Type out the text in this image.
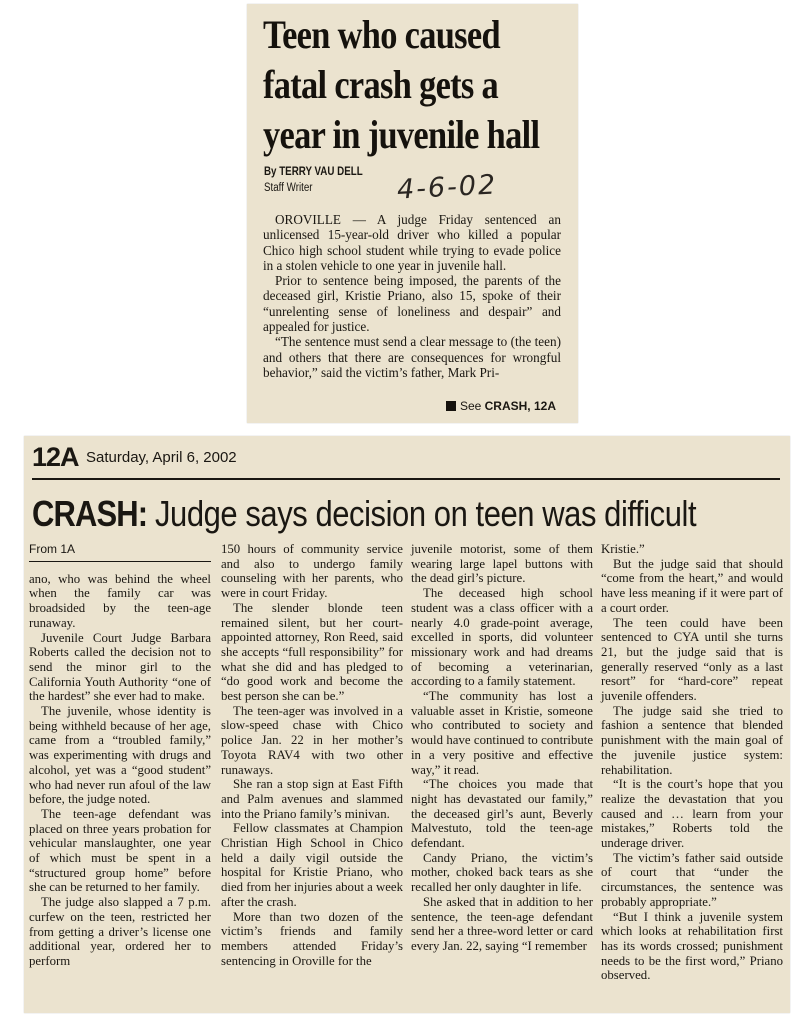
Teen who caused
fatal crash gets a
year in juvenile hall
By TERRY VAU DELL
Staff Writer	4-6-02

OROVILLE — A judge Friday sentenced an unlicensed 15-year-old driver who killed a popular Chico high school student while trying to evade police in a stolen vehicle to one year in juvenile hall.

Prior to sentence being imposed, the parents of the deceased girl, Kristie Priano, also 15, spoke of their “unrelenting sense of loneliness and despair” and appealed for justice.

“The sentence must send a clear message to (the teen) and others that there are consequences for wrongful behavior,” said the victim’s father, Mark Pri-

See CRASH, 12A
12A Saturday, April 6, 2002
CRASH: Judge says decision on teen was difficult
From 1A

ano, who was behind the wheel when the family car was broadsided by the teen-age runaway.

Juvenile Court Judge Barbara Roberts called the decision not to send the minor girl to the California Youth Authority “one of the hardest” she ever had to make.

The juvenile, whose identity is being withheld because of her age, came from a “troubled family,” was experimenting with drugs and alcohol, yet was a “good student” who had never run afoul of the law before, the judge noted.

The teen-age defendant was placed on three years probation for vehicular manslaughter, one year of which must be spent in a “structured group home” before she can be returned to her family.

The judge also slapped a 7 p.m. curfew on the teen, restricted her from getting a driver’s license one additional year, ordered her to perform

150 hours of community service and also to undergo family counseling with her parents, who were in court Friday.

The slender blonde teen remained silent, but her court-appointed attorney, Ron Reed, said she accepts “full responsibility” for what she did and has pledged to “do good work and become the best person she can be.”

The teen-ager was involved in a slow-speed chase with Chico police Jan. 22 in her mother’s Toyota RAV4 with two other runaways.

She ran a stop sign at East Fifth and Palm avenues and slammed into the Priano family’s minivan.

Fellow classmates at Champion Christian High School in Chico held a daily vigil outside the hospital for Kristie Priano, who died from her injuries about a week after the crash.

More than two dozen of the victim’s friends and family members attended Friday’s sentencing in Oroville for the

juvenile motorist, some of them wearing large lapel buttons with the dead girl’s picture.

The deceased high school student was a class officer with a nearly 4.0 grade-point average, excelled in sports, did volunteer missionary work and had dreams of becoming a veterinarian, according to a family statement.

“The community has lost a valuable asset in Kristie, someone who contributed to society and would have continued to contribute in a very positive and effective way,” it read.

“The choices you made that night has devastated our family,” the deceased girl’s aunt, Beverly Malvestuto, told the teen-age defendant.

Candy Priano, the victim’s mother, choked back tears as she recalled her only daughter in life.

She asked that in addition to her sentence, the teen-age defendant send her a three-word letter or card every Jan. 22, saying “I remember

Kristie.”

But the judge said that should “come from the heart,” and would have less meaning if it were part of a court order.

The teen could have been sentenced to CYA until she turns 21, but the judge said that is generally reserved “only as a last resort” for “hard-core” repeat juvenile offenders.

The judge said she tried to fashion a sentence that blended punishment with the main goal of the juvenile justice system: rehabilitation.

“It is the court’s hope that you realize the devastation that you caused and … learn from your mistakes,” Roberts told the underage driver.

The victim’s father said outside of court that “under the circumstances, the sentence was probably appropriate.”

“But I think a juvenile system which looks at rehabilitation first has its words crossed; punishment needs to be the first word,” Priano observed.
